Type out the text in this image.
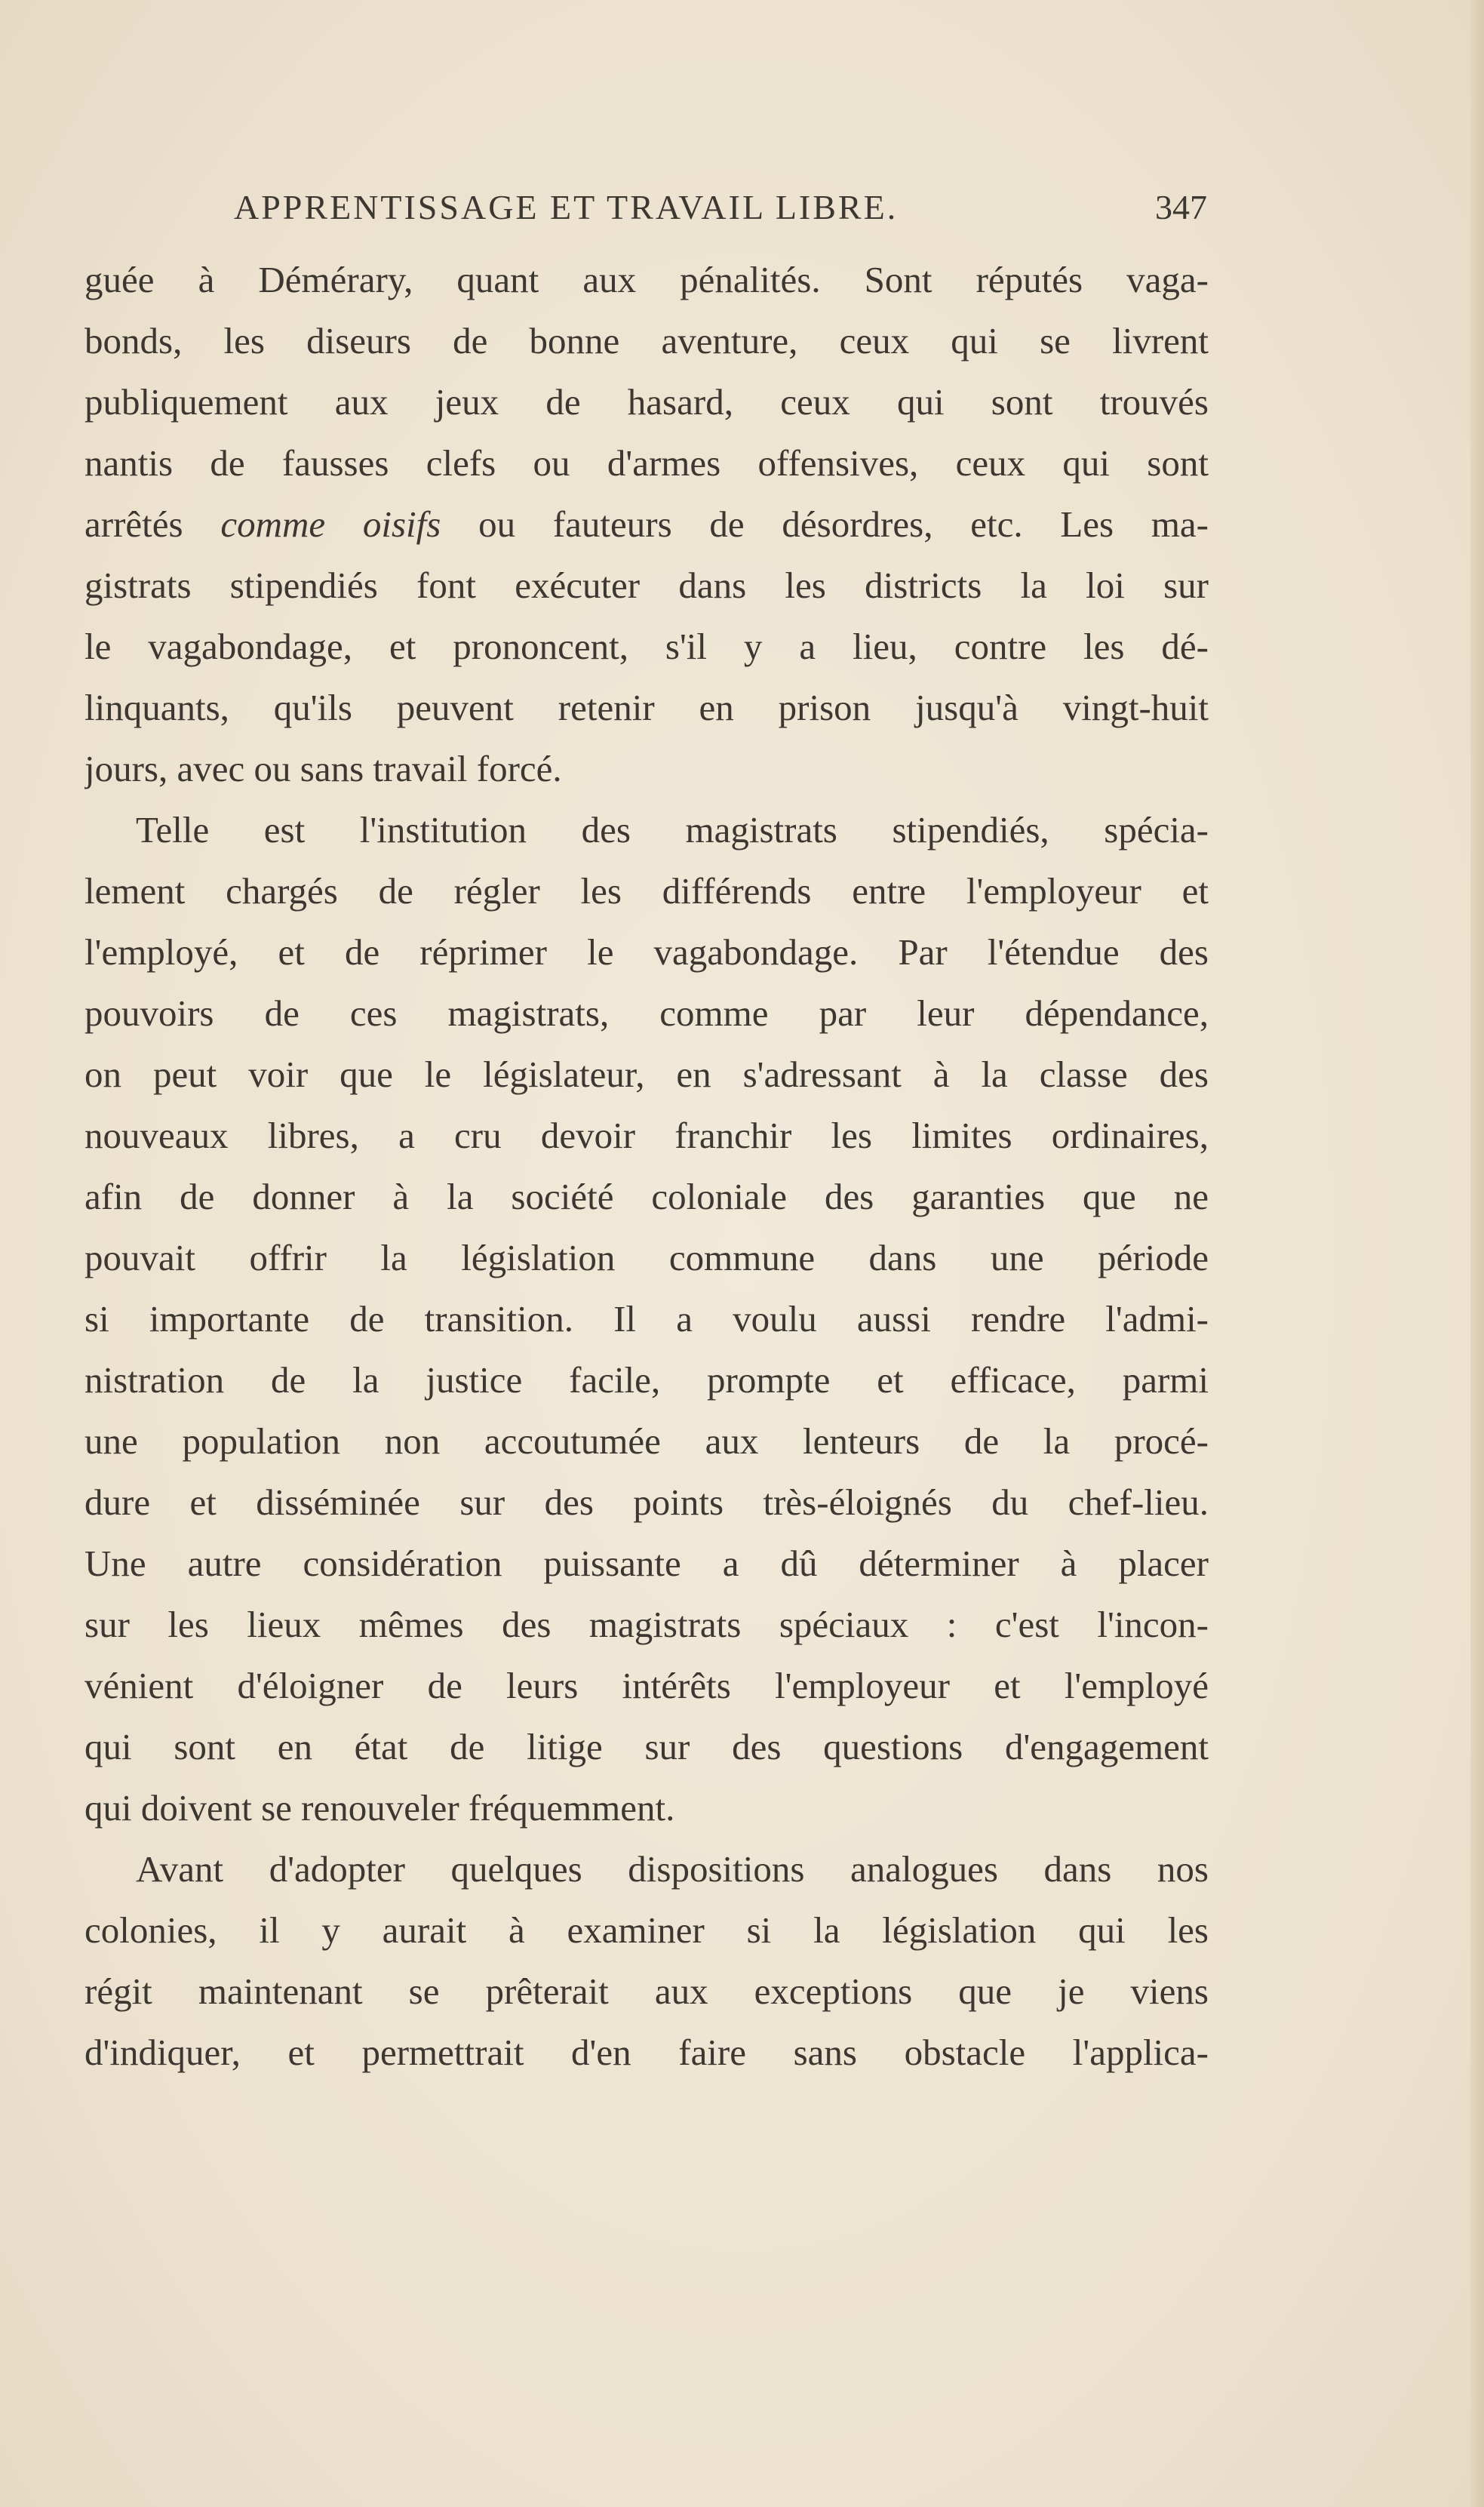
APPRENTISSAGE ET TRAVAIL LIBRE.	347
guée à Démérary, quant aux pénalités. Sont réputés vaga-
bonds, les diseurs de bonne aventure, ceux qui se livrent
publiquement aux jeux de hasard, ceux qui sont trouvés
nantis de fausses clefs ou d'armes offensives, ceux qui sont
arrêtés comme oisifs ou fauteurs de désordres, etc. Les ma-
gistrats stipendiés font exécuter dans les districts la loi sur
le vagabondage, et prononcent, s'il y a lieu, contre les dé-
linquants, qu'ils peuvent retenir en prison jusqu'à vingt-huit
jours, avec ou sans travail forcé.
Telle est l'institution des magistrats stipendiés, spécia-
lement chargés de régler les différends entre l'employeur et
l'employé, et de réprimer le vagabondage. Par l'étendue des
pouvoirs de ces magistrats, comme par leur dépendance,
on peut voir que le législateur, en s'adressant à la classe des
nouveaux libres, a cru devoir franchir les limites ordinaires,
afin de donner à la société coloniale des garanties que ne
pouvait offrir la législation commune dans une période
si importante de transition. Il a voulu aussi rendre l'admi-
nistration de la justice facile, prompte et efficace, parmi
une population non accoutumée aux lenteurs de la procé-
dure et disséminée sur des points très-éloignés du chef-lieu.
Une autre considération puissante a dû déterminer à placer
sur les lieux mêmes des magistrats spéciaux : c'est l'incon-
vénient d'éloigner de leurs intérêts l'employeur et l'employé
qui sont en état de litige sur des questions d'engagement
qui doivent se renouveler fréquemment.
Avant d'adopter quelques dispositions analogues dans nos
colonies, il y aurait à examiner si la législation qui les
régit maintenant se prêterait aux exceptions que je viens
d'indiquer, et permettrait d'en faire sans obstacle l'applica-
